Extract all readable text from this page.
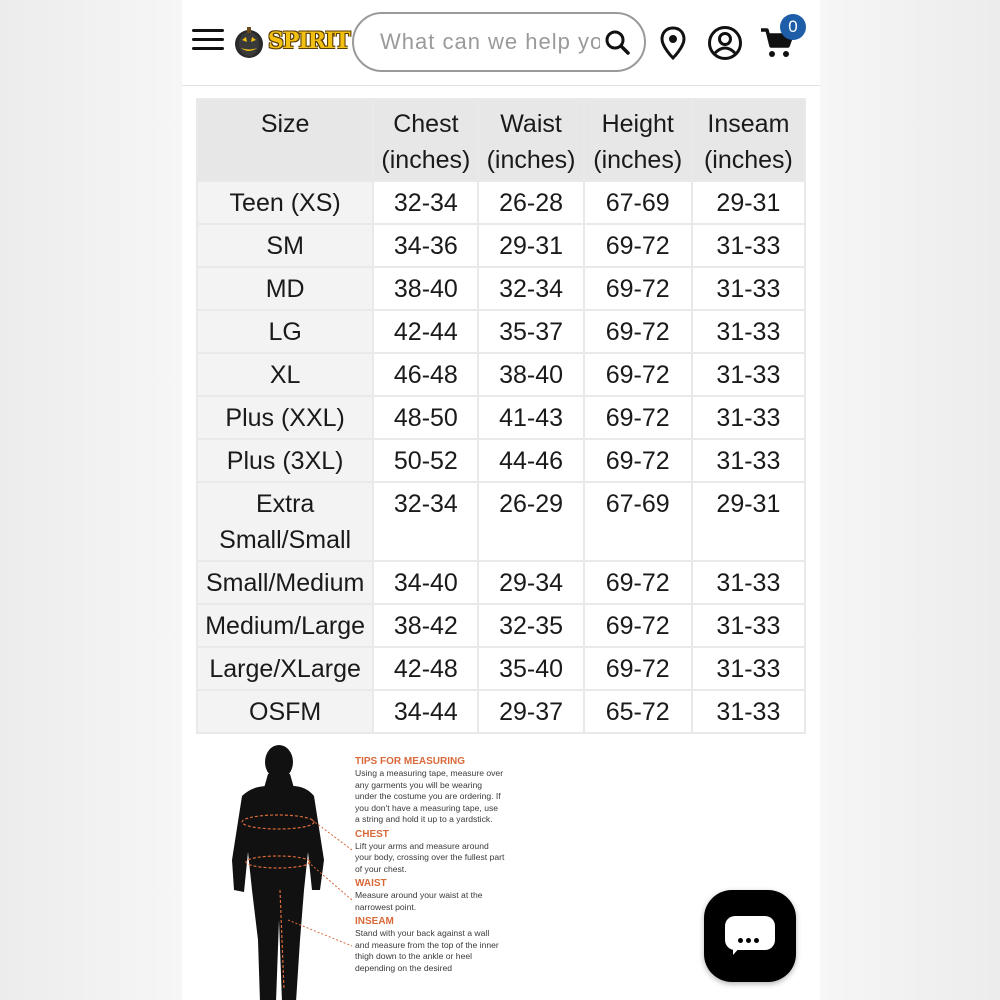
SPIRIT
What can we help you find?
0
Size	Chest (inches)	Waist (inches)	Height (inches)	Inseam (inches)
Teen (XS)	32-34	26-28	67-69	29-31
SM	34-36	29-31	69-72	31-33
MD	38-40	32-34	69-72	31-33
LG	42-44	35-37	69-72	31-33
XL	46-48	38-40	69-72	31-33
Plus (XXL)	48-50	41-43	69-72	31-33
Plus (3XL)	50-52	44-46	69-72	31-33
Extra Small/Small	32-34	26-29	67-69	29-31
Small/Medium	34-40	29-34	69-72	31-33
Medium/Large	38-42	32-35	69-72	31-33
Large/XLarge	42-48	35-40	69-72	31-33
OSFM	34-44	29-37	65-72	31-33
TIPS FOR MEASURING

Using a measuring tape, measure over any garments you will be wearing under the costume you are ordering. If you don't have a measuring tape, use a string and hold it up to a yardstick.

CHEST

Lift your arms and measure around your body, crossing over the fullest part of your chest.

WAIST

Measure around your waist at the narrowest point.

INSEAM

Stand with your back against a wall and measure from the top of the inner thigh down to the ankle or heel depending on the desired
